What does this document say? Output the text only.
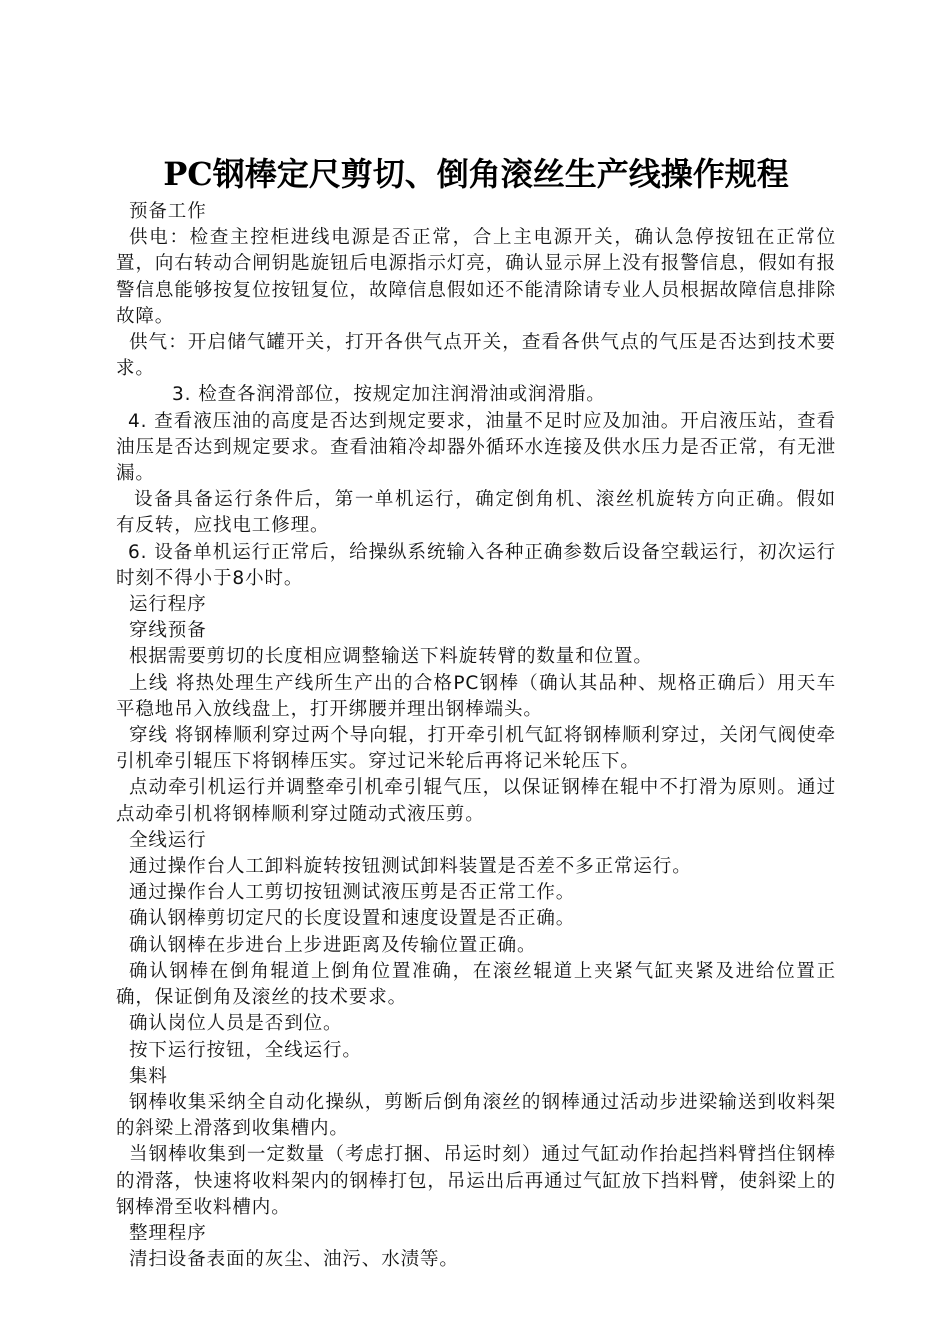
PC钢棒定尺剪切、倒角滚丝生产线操作规程

预备工作

供电：检查主控柜进线电源是否正常，合上主电源开关，确认急停按钮在正常位置，向右转动合闸钥匙旋钮后电源指示灯亮，确认显示屏上没有报警信息，假如有报警信息能够按复位按钮复位，故障信息假如还不能清除请专业人员根据故障信息排除故障。

供气：开启储气罐开关，打开各供气点开关，查看各供气点的气压是否达到技术要求。

3. 检查各润滑部位，按规定加注润滑油或润滑脂。

4. 查看液压油的高度是否达到规定要求，油量不足时应及加油。开启液压站，查看油压是否达到规定要求。查看油箱冷却器外循环水连接及供水压力是否正常，有无泄漏。

设备具备运行条件后，第一单机运行，确定倒角机、滚丝机旋转方向正确。假如　有反转，应找电工修理。

6. 设备单机运行正常后，给操纵系统输入各种正确参数后设备空载运行，初次运行时刻不得小于8小时。

运行程序

穿线预备

根据需要剪切的长度相应调整输送下料旋转臂的数量和位置。

上线 将热处理生产线所生产出的合格PC钢棒（确认其品种、规格正确后）用天车平稳地吊入放线盘上，打开绑腰并理出钢棒端头。

穿线 将钢棒顺利穿过两个导向辊，打开牵引机气缸将钢棒顺利穿过，关闭气阀使牵引机牵引辊压下将钢棒压实。穿过记米轮后再将记米轮压下。

点动牵引机运行并调整牵引机牵引辊气压，以保证钢棒在辊中不打滑为原则。通过点动牵引机将钢棒顺利穿过随动式液压剪。

全线运行

通过操作台人工卸料旋转按钮测试卸料装置是否差不多正常运行。

通过操作台人工剪切按钮测试液压剪是否正常工作。

确认钢棒剪切定尺的长度设置和速度设置是否正确。

确认钢棒在步进台上步进距离及传输位置正确。

确认钢棒在倒角辊道上倒角位置准确，在滚丝辊道上夹紧气缸夹紧及进给位置正确，保证倒角及滚丝的技术要求。

确认岗位人员是否到位。

按下运行按钮，全线运行。

集料

钢棒收集采纳全自动化操纵，剪断后倒角滚丝的钢棒通过活动步进梁输送到收料架的斜梁上滑落到收集槽内。

当钢棒收集到一定数量（考虑打捆、吊运时刻）通过气缸动作抬起挡料臂挡住钢棒的滑落，快速将收料架内的钢棒打包，吊运出后再通过气缸放下挡料臂，使斜梁上的钢棒滑至收料槽内。

整理程序

清扫设备表面的灰尘、油污、水渍等。
